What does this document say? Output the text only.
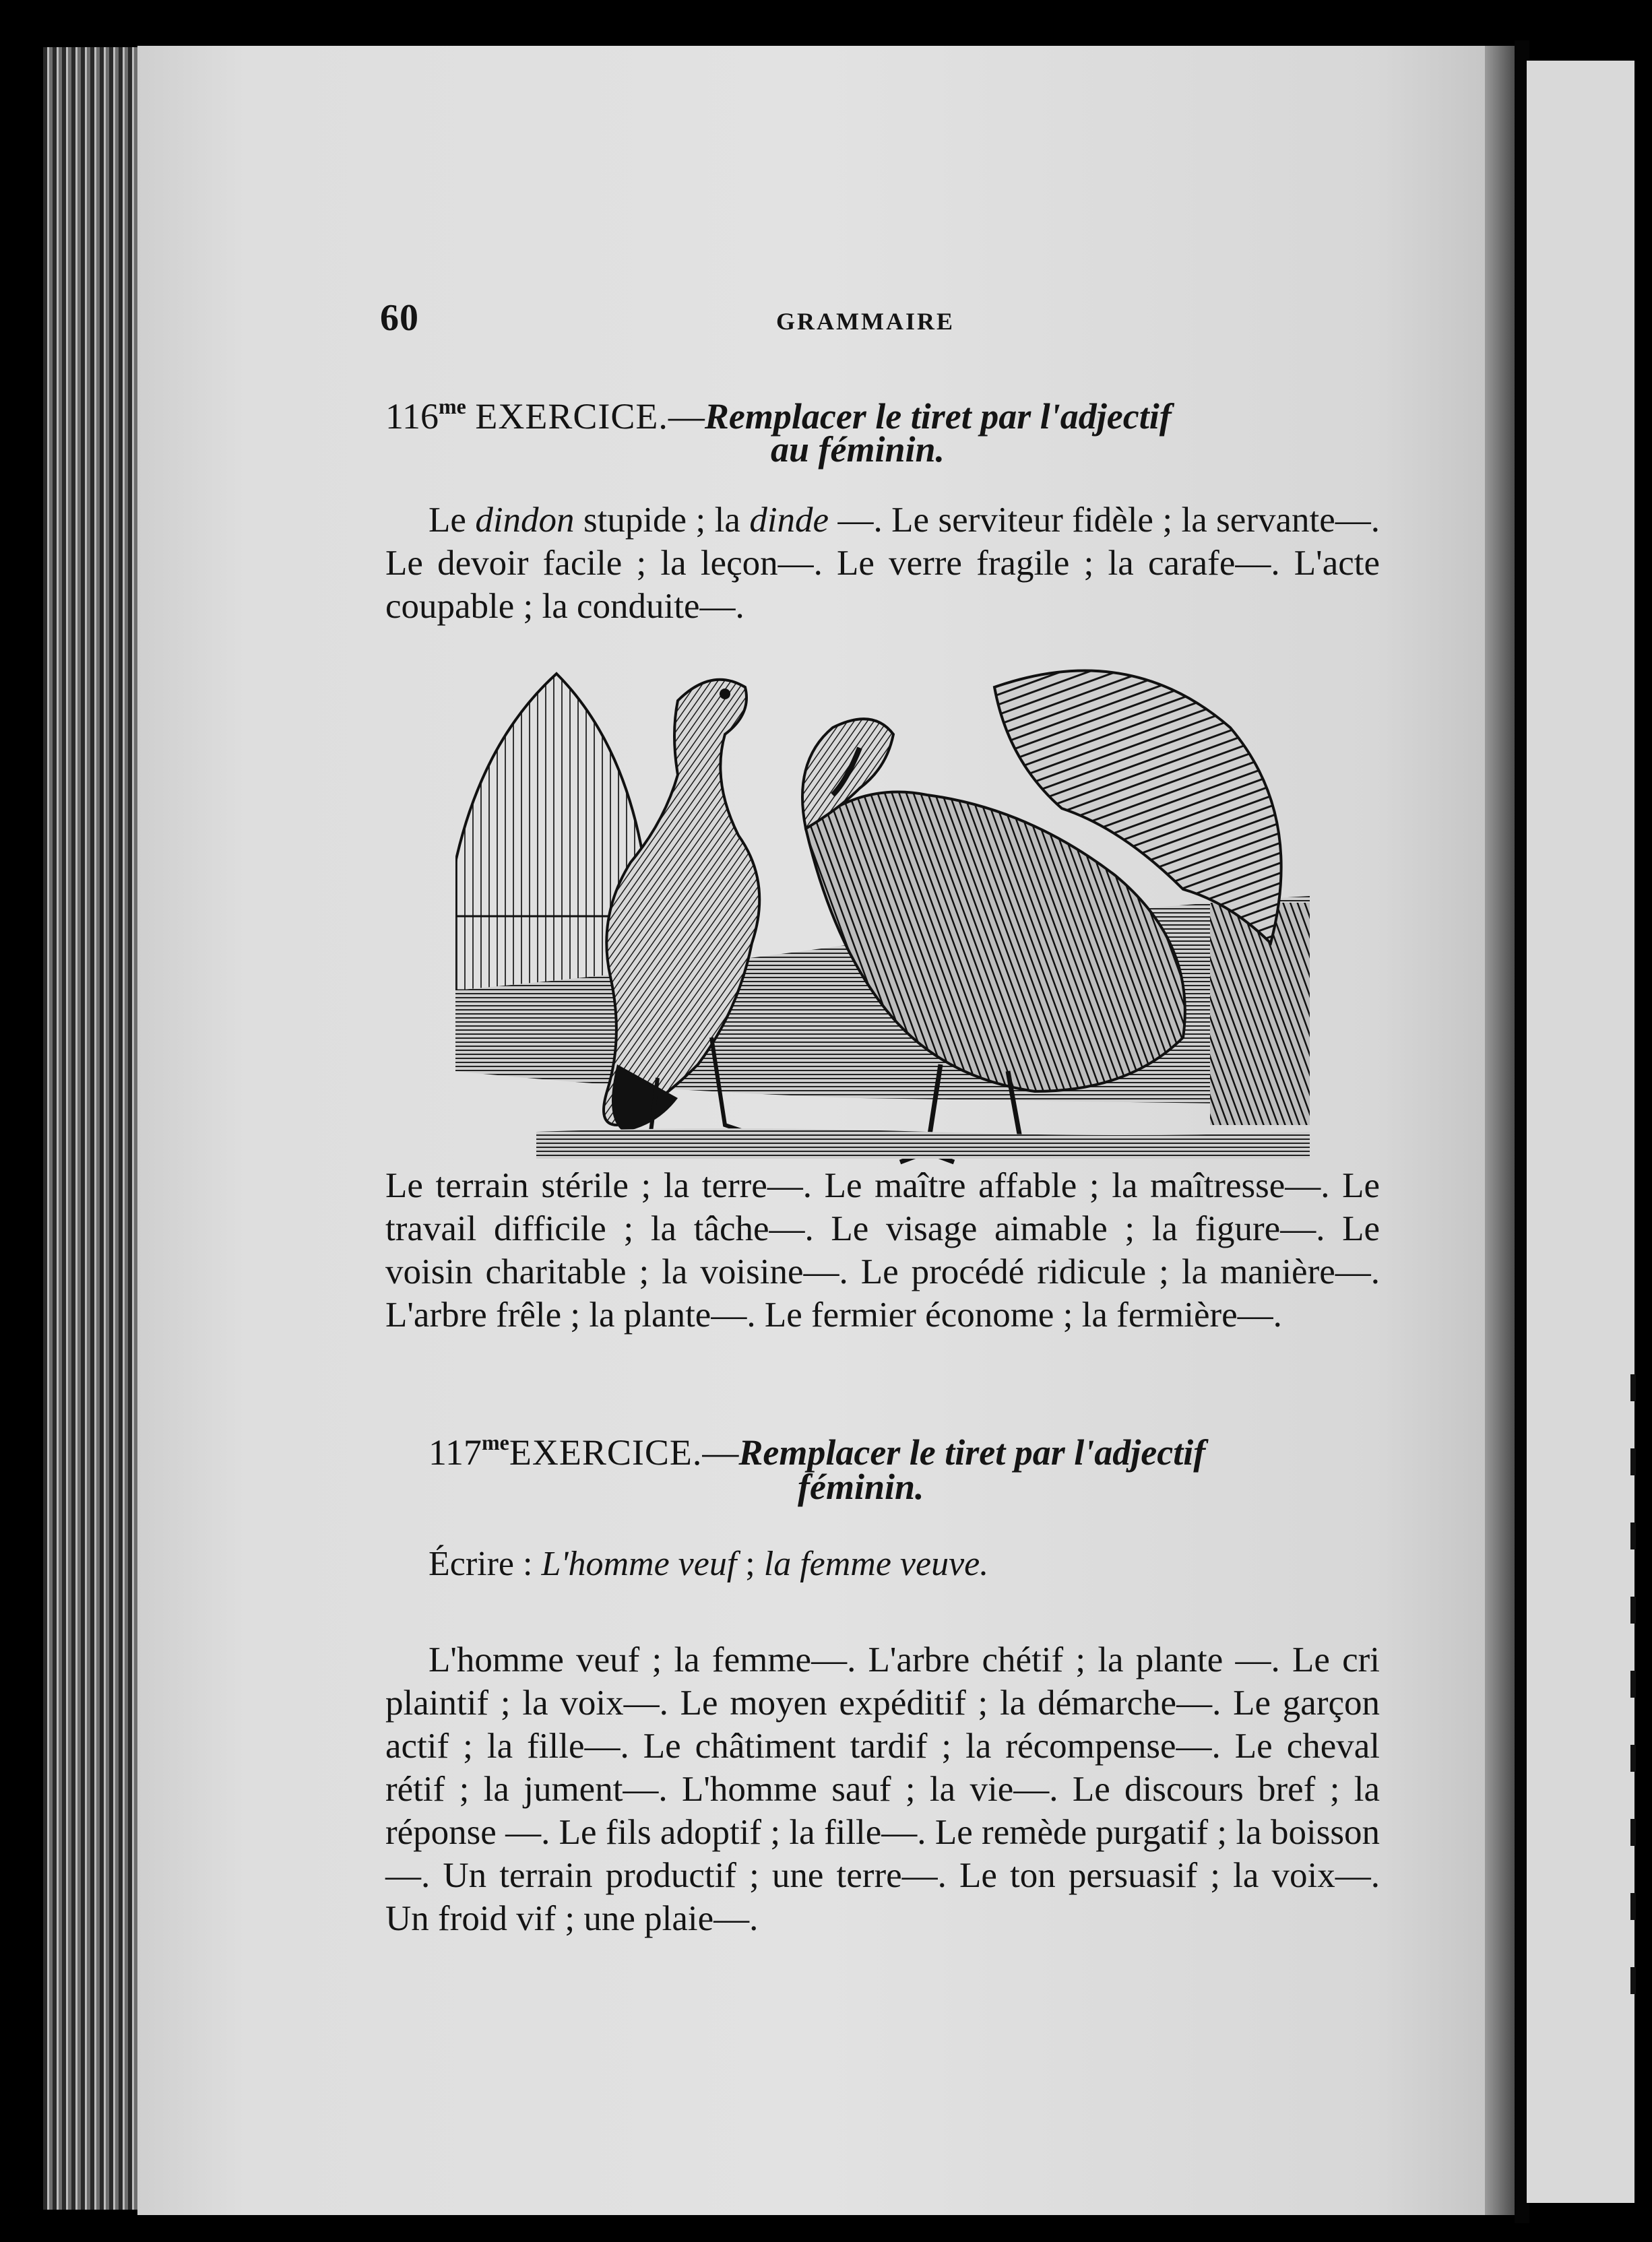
60	GRAMMAIRE
$116^{me}$ EXERCICE.—Remplacer le tiret par l'adjectif
au féminin.

Le dindon stupide ; la dinde —. Le serviteur fidèle ; la servante—. Le devoir facile ; la leçon—. Le verre fragile ; la carafe—. L'acte coupable ; la conduite—.

Le terrain stérile ; la terre—. Le maître affable ; la maîtresse—. Le travail difficile ; la tâche—. Le visage aimable ; la figure—. Le voisin charitable ; la voisine—. Le procédé ridicule ; la manière—. L'arbre frêle ; la plante—. Le fermier économe ; la fermière—.

$117^{me}EXERCICE.—Remplacer$ le tiret par l'adjectif
féminin.
Écrire : L'homme veuf ; la femme veuve.

L'homme veuf ; la femme—. L'arbre chétif ; la plante —. Le cri plaintif ; la voix—. Le moyen expéditif ; la démarche—. Le garçon actif ; la fille—. Le châtiment tardif ; la récompense—. Le cheval rétif ; la jument—. L'homme sauf ; la vie—. Le discours bref ; la réponse —. Le fils adoptif ; la fille—. Le remède purgatif ; la boisson—. Un terrain productif ; une terre—. Le ton persuasif ; la voix—. Un froid vif ; une plaie—.
